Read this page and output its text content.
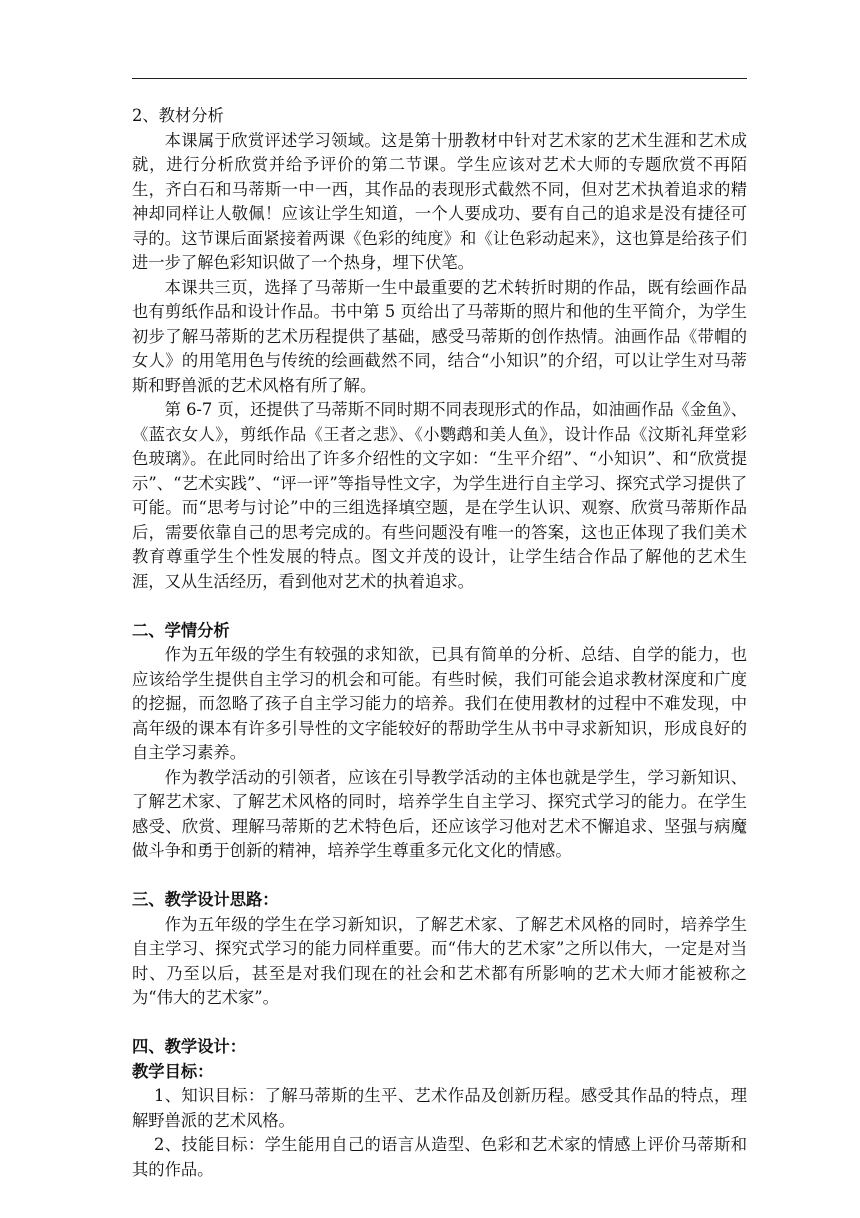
2、教材分析

本课属于欣赏评述学习领域。这是第十册教材中针对艺术家的艺术生涯和艺术成就，进行分析欣赏并给予评价的第二节课。学生应该对艺术大师的专题欣赏不再陌生，齐白石和马蒂斯一中一西，其作品的表现形式截然不同，但对艺术执着追求的精神却同样让人敬佩！应该让学生知道，一个人要成功、要有自己的追求是没有捷径可寻的。这节课后面紧接着两课《色彩的纯度》和《让色彩动起来》，这也算是给孩子们进一步了解色彩知识做了一个热身，埋下伏笔。

本课共三页，选择了马蒂斯一生中最重要的艺术转折时期的作品，既有绘画作品也有剪纸作品和设计作品。书中第 5 页给出了马蒂斯的照片和他的生平简介，为学生初步了解马蒂斯的艺术历程提供了基础，感受马蒂斯的创作热情。油画作品《带帽的女人》的用笔用色与传统的绘画截然不同，结合“小知识”的介绍，可以让学生对马蒂斯和野兽派的艺术风格有所了解。

第 6-7 页，还提供了马蒂斯不同时期不同表现形式的作品，如油画作品《金鱼》、《蓝衣女人》，剪纸作品《王者之悲》、《小鹦鹉和美人鱼》，设计作品《汶斯礼拜堂彩色玻璃》。在此同时给出了许多介绍性的文字如：“生平介绍”、“小知识”、和“欣赏提示”、“艺术实践”、“评一评”等指导性文字，为学生进行自主学习、探究式学习提供了可能。而“思考与讨论”中的三组选择填空题，是在学生认识、观察、欣赏马蒂斯作品后，需要依靠自己的思考完成的。有些问题没有唯一的答案，这也正体现了我们美术教育尊重学生个性发展的特点。图文并茂的设计，让学生结合作品了解他的艺术生涯，又从生活经历，看到他对艺术的执着追求。

二、学情分析

作为五年级的学生有较强的求知欲，已具有简单的分析、总结、自学的能力，也应该给学生提供自主学习的机会和可能。有些时候，我们可能会追求教材深度和广度的挖掘，而忽略了孩子自主学习能力的培养。我们在使用教材的过程中不难发现，中高年级的课本有许多引导性的文字能较好的帮助学生从书中寻求新知识，形成良好的自主学习素养。

作为教学活动的引领者，应该在引导教学活动的主体也就是学生，学习新知识、了解艺术家、了解艺术风格的同时，培养学生自主学习、探究式学习的能力。在学生感受、欣赏、理解马蒂斯的艺术特色后，还应该学习他对艺术不懈追求、坚强与病魔做斗争和勇于创新的精神，培养学生尊重多元化文化的情感。

三、教学设计思路：

作为五年级的学生在学习新知识，了解艺术家、了解艺术风格的同时，培养学生自主学习、探究式学习的能力同样重要。而“伟大的艺术家”之所以伟大，一定是对当时、乃至以后，甚至是对我们现在的社会和艺术都有所影响的艺术大师才能被称之为“伟大的艺术家”。

四、教学设计：

教学目标：

1、知识目标：了解马蒂斯的生平、艺术作品及创新历程。感受其作品的特点，理解野兽派的艺术风格。

2、技能目标：学生能用自己的语言从造型、色彩和艺术家的情感上评价马蒂斯和其的作品。
